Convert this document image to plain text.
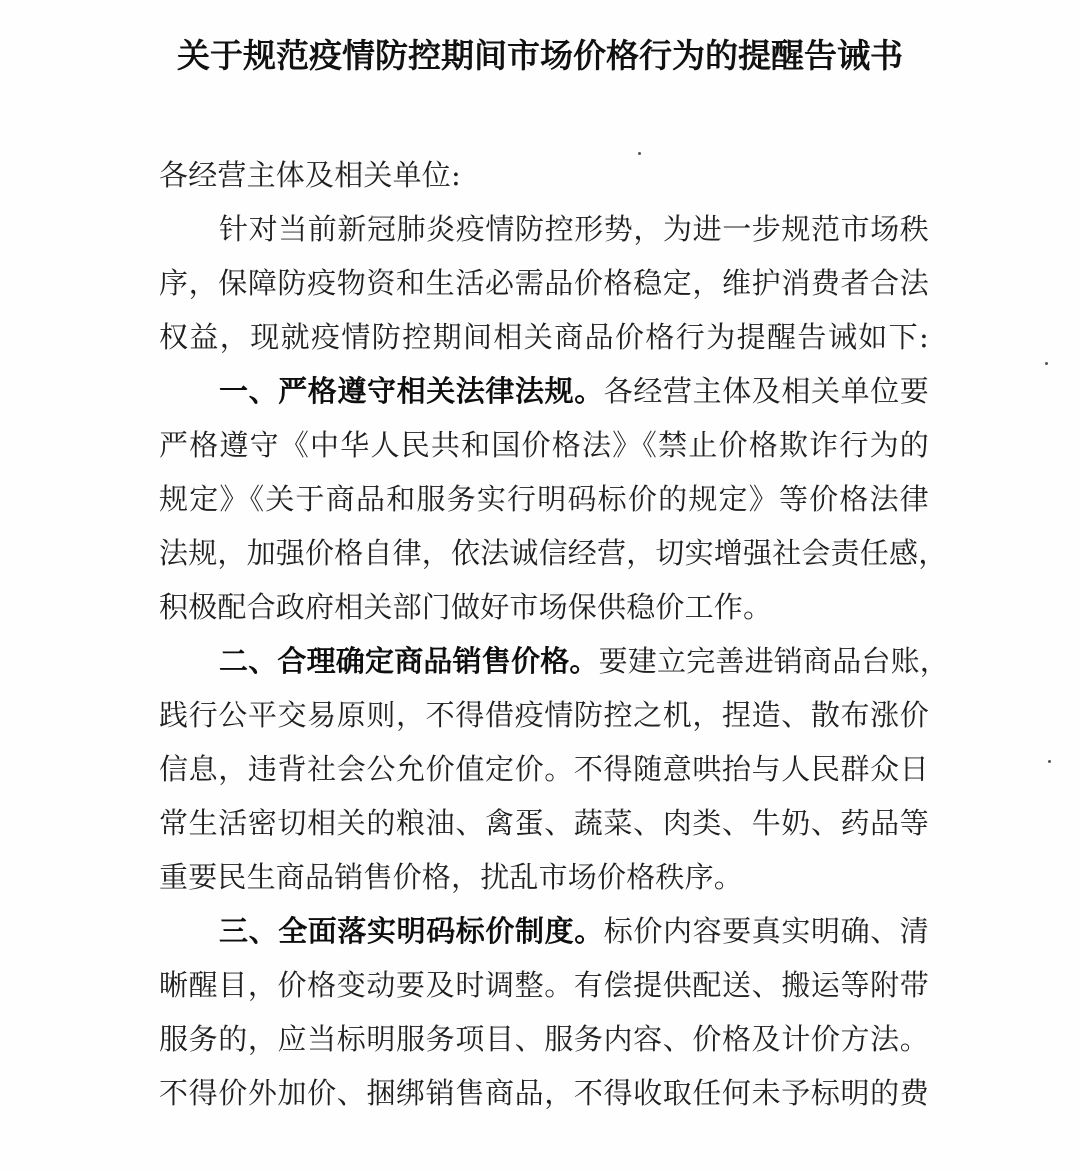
关于规范疫情防控期间市场价格行为的提醒告诫书
各经营主体及相关单位:
针对当前新冠肺炎疫情防控形势，为进一步规范市场秩
序，保障防疫物资和生活必需品价格稳定，维护消费者合法
权益，现就疫情防控期间相关商品价格行为提醒告诫如下:
一、严格遵守相关法律法规。各经营主体及相关单位要
严格遵守《中华人民共和国价格法》《禁止价格欺诈行为的
规定》《关于商品和服务实行明码标价的规定》等价格法律
法规，加强价格自律，依法诚信经营，切实增强社会责任感，
积极配合政府相关部门做好市场保供稳价工作。
二、合理确定商品销售价格。要建立完善进销商品台账，
践行公平交易原则，不得借疫情防控之机，捏造、散布涨价
信息，违背社会公允价值定价。不得随意哄抬与人民群众日
常生活密切相关的粮油、禽蛋、蔬菜、肉类、牛奶、药品等
重要民生商品销售价格，扰乱市场价格秩序。
三、全面落实明码标价制度。标价内容要真实明确、清
晰醒目，价格变动要及时调整。有偿提供配送、搬运等附带
服务的，应当标明服务项目、服务内容、价格及计价方法。
不得价外加价、捆绑销售商品，不得收取任何未予标明的费
